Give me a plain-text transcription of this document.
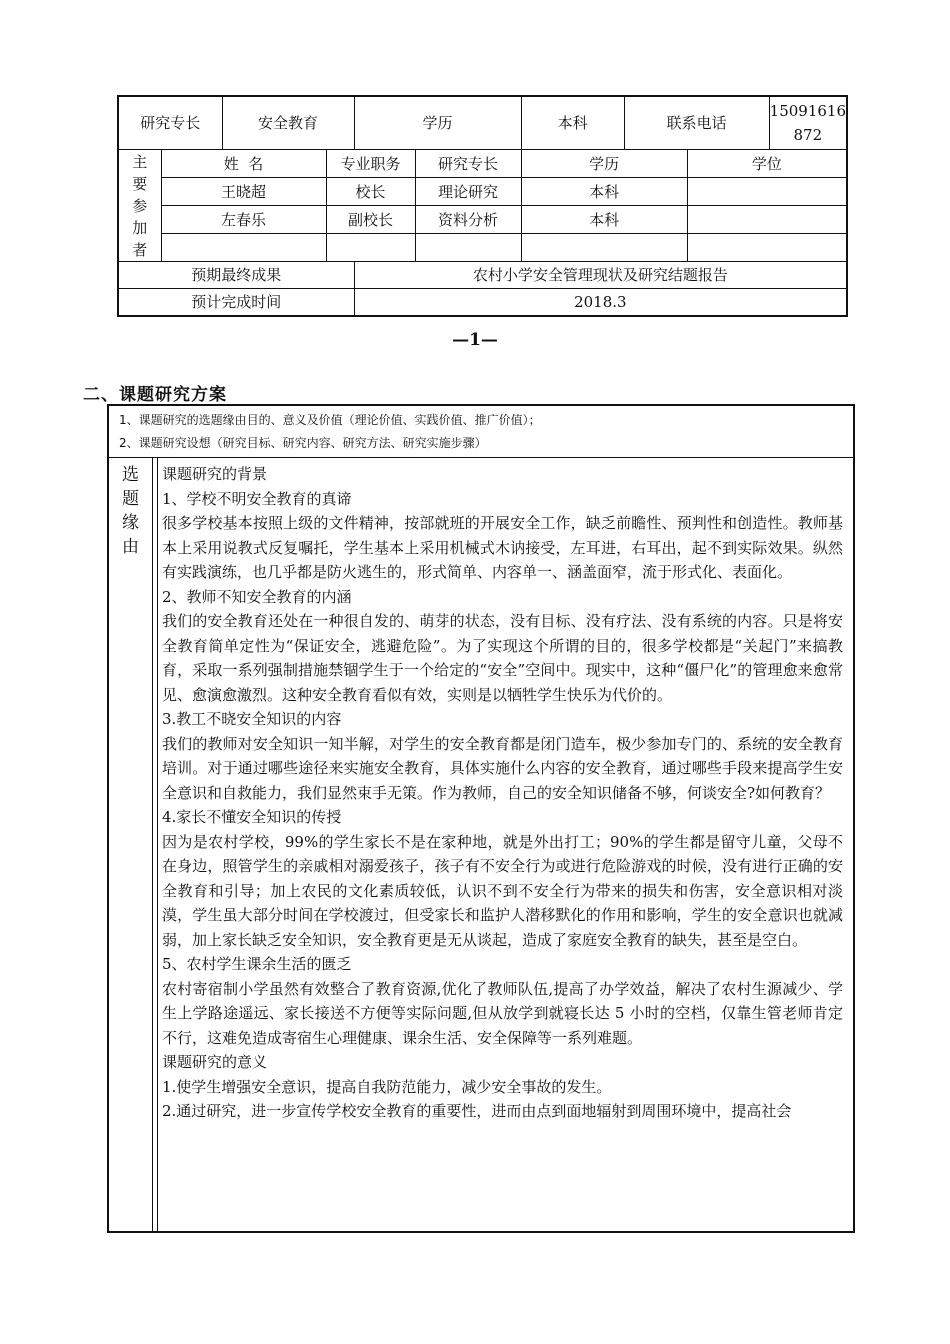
研究专长		安全教育		学历		本科	联系电话		15091616
872

主
要
参
加
者	姓  名		专业职务		研究专长	学历		学位	
	王晓超		校长		理论研究	本科			
	左春乐		副校长		资料分析	本科			

预期最终成果				农村小学安全管理现状及研究结题报告					
预计完成时间				2018.3					
—1—
二、课题研究方案
1、课题研究的选题缘由目的、意义及价值（理论价值、实践价值、推广价值）；
2、课题研究设想（研究目标、研究内容、研究方法、研究实施步骤）
选
题
缘
由

课题研究的背景

1、学校不明安全教育的真谛

很多学校基本按照上级的文件精神，按部就班的开展安全工作，缺乏前瞻性、预判性和创造性。教师基本上采用说教式反复嘱托，学生基本上采用机械式木讷接受，左耳进，右耳出，起不到实际效果。纵然有实践演练，也几乎都是防火逃生的，形式简单、内容单一、涵盖面窄，流于形式化、表面化。

2、教师不知安全教育的内涵

我们的安全教育还处在一种很自发的、萌芽的状态，没有目标、没有疗法、没有系统的内容。只是将安全教育简单定性为“保证安全，逃避危险”。为了实现这个所谓的目的，很多学校都是“关起门”来搞教育，采取一系列强制措施禁锢学生于一个给定的“安全”空间中。现实中，这种“僵尸化”的管理愈来愈常见、愈演愈激烈。这种安全教育看似有效，实则是以牺牲学生快乐为代价的。

3.教工不晓安全知识的内容

我们的教师对安全知识一知半解，对学生的安全教育都是闭门造车，极少参加专门的、系统的安全教育培训。对于通过哪些途径来实施安全教育，具体实施什么内容的安全教育，通过哪些手段来提高学生安全意识和自救能力，我们显然束手无策。作为教师，自己的安全知识储备不够，何谈安全?如何教育？

4.家长不懂安全知识的传授

因为是农村学校，99%的学生家长不是在家种地，就是外出打工；90%的学生都是留守儿童，父母不在身边，照管学生的亲戚相对溺爱孩子，孩子有不安全行为或进行危险游戏的时候，没有进行正确的安全教育和引导；加上农民的文化素质较低，认识不到不安全行为带来的损失和伤害，安全意识相对淡漠，学生虽大部分时间在学校渡过，但受家长和监护人潜移默化的作用和影响，学生的安全意识也就减弱，加上家长缺乏安全知识，安全教育更是无从谈起，造成了家庭安全教育的缺失，甚至是空白。

5、农村学生课余生活的匮乏

农村寄宿制小学虽然有效整合了教育资源,优化了教师队伍,提高了办学效益，解决了农村生源减少、学生上学路途遥远、家长接送不方便等实际问题,但从放学到就寝长达 5 小时的空档，仅靠生管老师肯定不行，这难免造成寄宿生心理健康、课余生活、安全保障等一系列难题。

课题研究的意义

1.使学生增强安全意识，提高自我防范能力，减少安全事故的发生。

2.通过研究，进一步宣传学校安全教育的重要性，进而由点到面地辐射到周围环境中，提高社会
